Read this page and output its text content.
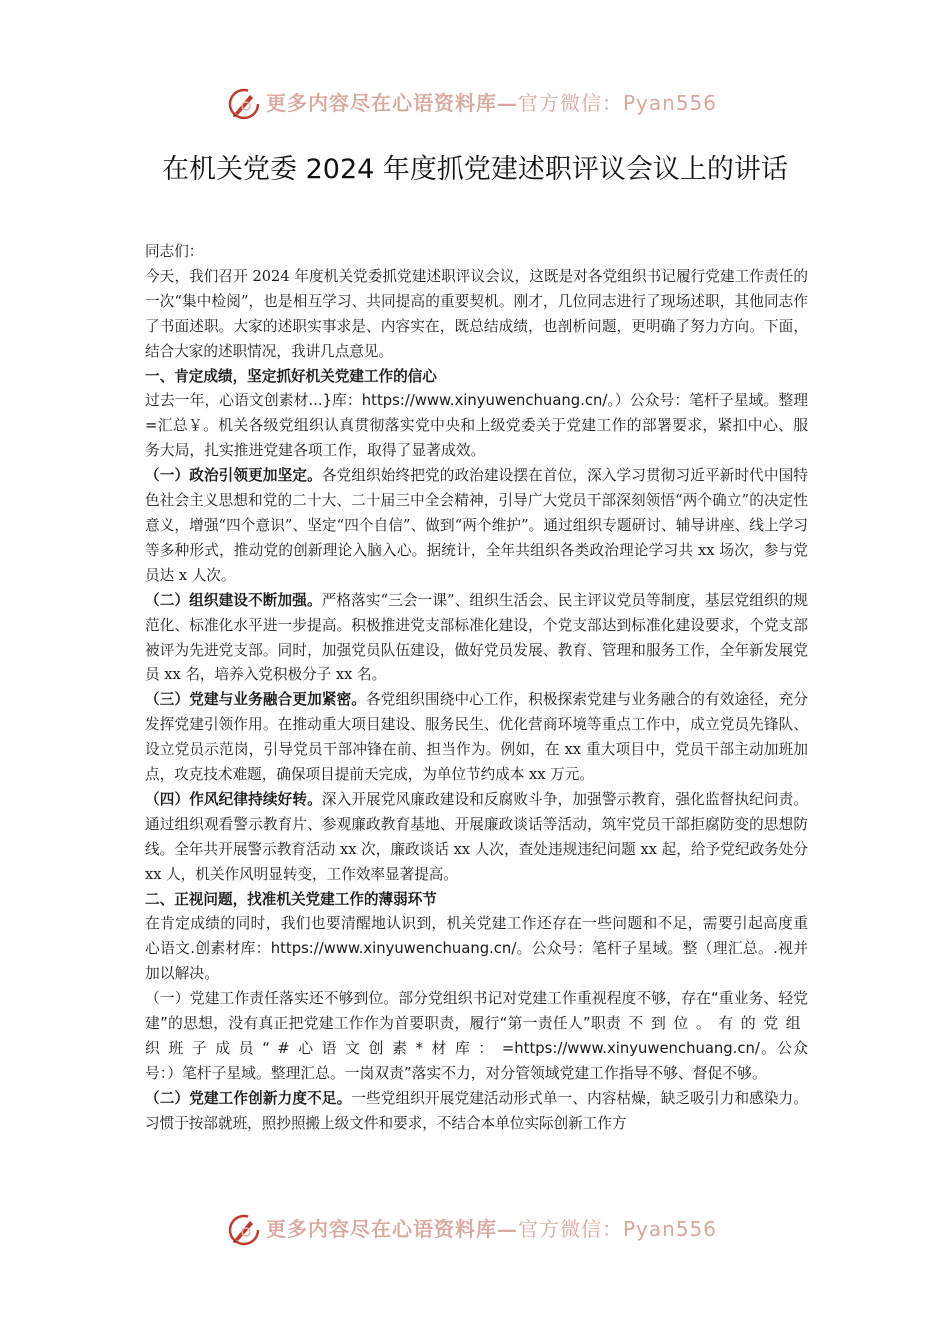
更多内容尽在心语资料库—官方微信：Pyan556
在机关党委 2024 年度抓党建述职评议会议上的讲话

同志们：

今天，我们召开 2024 年度机关党委抓党建述职评议会议，这既是对各党组织书记履行党建工作责任的一次“集中检阅”，也是相互学习、共同提高的重要契机。刚才，几位同志进行了现场述职，其他同志作了书面述职。大家的述职实事求是、内容实在，既总结成绩，也剖析问题，更明确了努力方向。下面，结合大家的述职情况，我讲几点意见。

一、肯定成绩，坚定抓好机关党建工作的信心

过去一年，心语文创素材...}库：https://www.xinyuwenchuang.cn/。）公众号：笔杆子星域。整理=汇总￥。机关各级党组织认真贯彻落实党中央和上级党委关于党建工作的部署要求，紧扣中心、服务大局，扎实推进党建各项工作，取得了显著成效。

（一）政治引领更加坚定。各党组织始终把党的政治建设摆在首位，深入学习贯彻习近平新时代中国特色社会主义思想和党的二十大、二十届三中全会精神，引导广大党员干部深刻领悟“两个确立”的决定性意义，增强“四个意识”、坚定“四个自信”、做到“两个维护”。通过组织专题研讨、辅导讲座、线上学习等多种形式，推动党的创新理论入脑入心。据统计，全年共组织各类政治理论学习共 xx 场次，参与党员达 x 人次。

（二）组织建设不断加强。严格落实“三会一课”、组织生活会、民主评议党员等制度，基层党组织的规范化、标准化水平进一步提高。积极推进党支部标准化建设，个党支部达到标准化建设要求，个党支部被评为先进党支部。同时，加强党员队伍建设，做好党员发展、教育、管理和服务工作，全年新发展党员 xx 名，培养入党积极分子 xx 名。

（三）党建与业务融合更加紧密。各党组织围绕中心工作，积极探索党建与业务融合的有效途径，充分发挥党建引领作用。在推动重大项目建设、服务民生、优化营商环境等重点工作中，成立党员先锋队、设立党员示范岗，引导党员干部冲锋在前、担当作为。例如，在 xx 重大项目中，党员干部主动加班加点，攻克技术难题，确保项目提前天完成，为单位节约成本 xx 万元。

（四）作风纪律持续好转。深入开展党风廉政建设和反腐败斗争，加强警示教育，强化监督执纪问责。通过组织观看警示教育片、参观廉政教育基地、开展廉政谈话等活动，筑牢党员干部拒腐防变的思想防线。全年共开展警示教育活动 xx 次，廉政谈话 xx 人次，查处违规违纪问题 xx 起，给予党纪政务处分 xx 人，机关作风明显转变，工作效率显著提高。

二、正视问题，找准机关党建工作的薄弱环节

在肯定成绩的同时，我们也要清醒地认识到，机关党建工作还存在一些问题和不足，需要引起高度重心语文.创素材库：https://www.xinyuwenchuang.cn/。公众号：笔杆子星域。整（理汇总。.视并加以解决。

（一）党建工作责任落实还不够到位。部分党组织书记对党建工作重视程度不够，存在“重业务、轻党建”的思想，没有真正把党建工作作为首要职责，履行“第一责任人”职责不到位。有的党组织班子成员“#心语文创素*材库：=https://www.xinyuwenchuang.cn/。公众号：）笔杆子星域。整理汇总。一岗双责”落实不力，对分管领域党建工作指导不够、督促不够。

（二）党建工作创新力度不足。一些党组织开展党建活动形式单一、内容枯燥，缺乏吸引力和感染力。习惯于按部就班，照抄照搬上级文件和要求，不结合本单位实际创新工作方

更多内容尽在心语资料库—官方微信：Pyan556
